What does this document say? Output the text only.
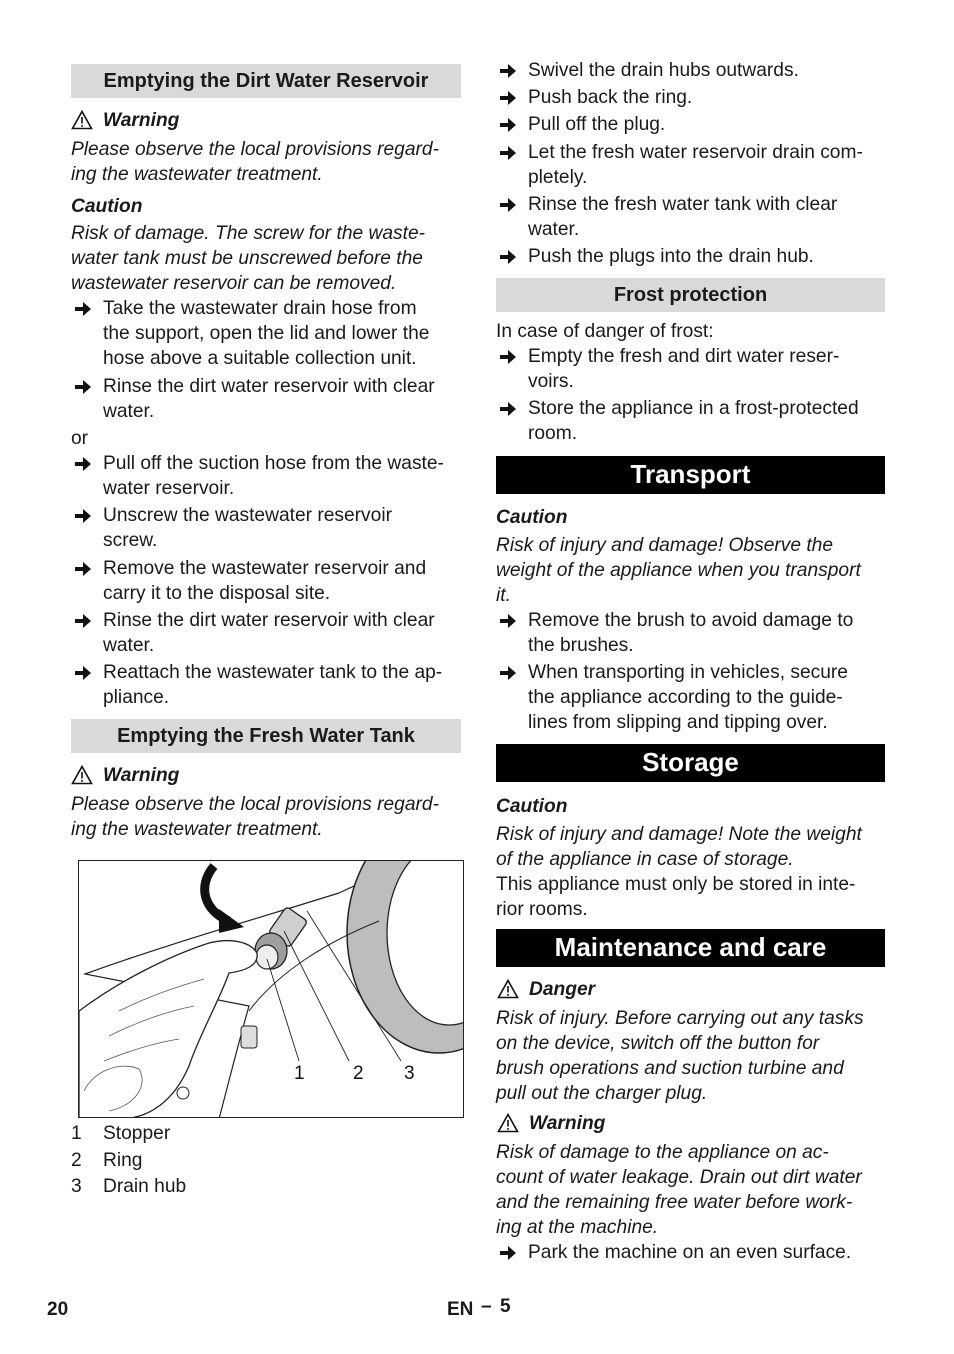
Emptying the Dirt Water Reservoir
Warning
Please observe the local provisions regard-
ing the wastewater treatment.
Caution
Risk of damage. The screw for the waste-
water tank must be unscrewed before the
wastewater reservoir can be removed.
Take the wastewater drain hose from
the support, open the lid and lower the
hose above a suitable collection unit.
Rinse the dirt water reservoir with clear
water.
or
Pull off the suction hose from the waste-
water reservoir.
Unscrew the wastewater reservoir
screw.
Remove the wastewater reservoir and
carry it to the disposal site.
Rinse the dirt water reservoir with clear
water.
Reattach the wastewater tank to the ap-
pliance.
Emptying the Fresh Water Tank
Warning
Please observe the local provisions regard-
ing the wastewater treatment.
1	2 3
1 Stopper
2 Ring
3 Drain hub
Swivel the drain hubs outwards.
Push back the ring.
Pull off the plug.
Let the fresh water reservoir drain com-
pletely.
Rinse the fresh water tank with clear
water.
Push the plugs into the drain hub.
Frost protection
In case of danger of frost:
Empty the fresh and dirt water reser-
voirs.
Store the appliance in a frost-protected
room.
Transport
Caution
Risk of injury and damage! Observe the
weight of the appliance when you transport
it.
Remove the brush to avoid damage to
the brushes.
When transporting in vehicles, secure
the appliance according to the guide-
lines from slipping and tipping over.
Storage
Caution
Risk of injury and damage! Note the weight
of the appliance in case of storage.
This appliance must only be stored in inte-
rior rooms.
Maintenance and care
Danger
Risk of injury. Before carrying out any tasks
on the device, switch off the button for
brush operations and suction turbine and
pull out the charger plug.
Warning
Risk of damage to the appliance on ac-
count of water leakage. Drain out dirt water
and the remaining free water before work-
ing at the machine.
Park the machine on an even surface.
20	EN – 5
